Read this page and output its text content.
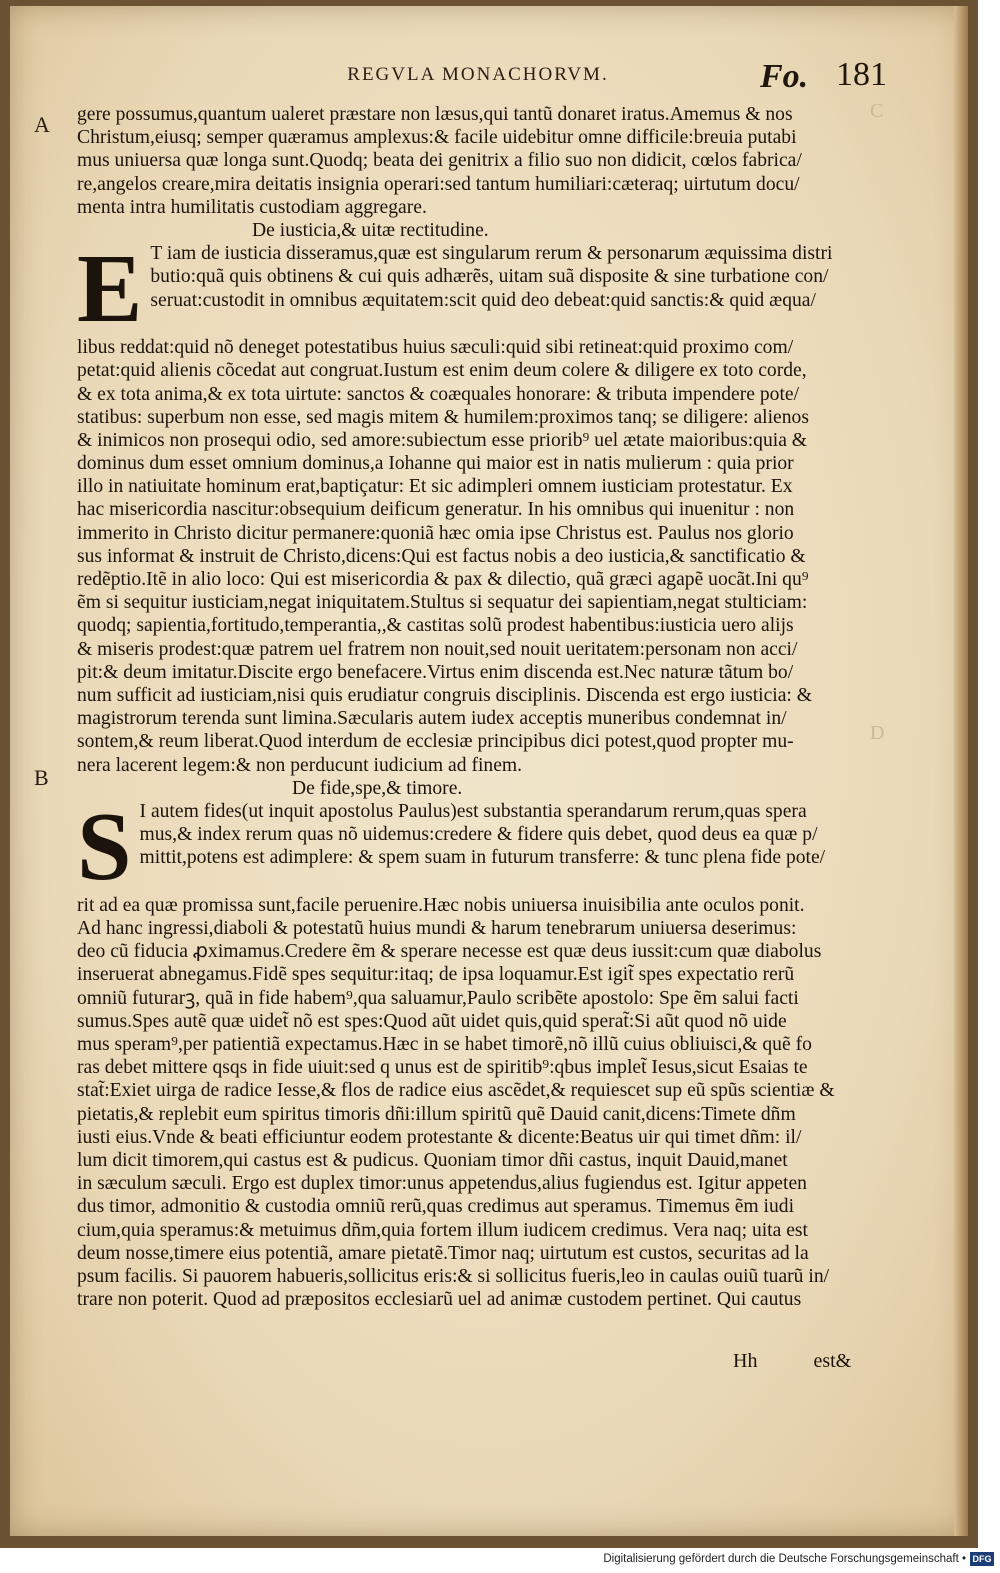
REGVLA MONACHORVM.	Fo. 181
A
B
C
D
gere possumus,quantum ualeret præstare non læsus,qui tantũ donaret iratus.Amemus & nos
Christum,eiusq; semper quæramus amplexus:& facile uidebitur omne difficile:breuia putabi
mus uniuersa quæ longa sunt.Quodq; beata dei genitrix a filio suo non didicit, cœlos fabrica/
re,angelos creare,mira deitatis insignia operari:sed tantum humiliari:cæteraq; uirtutum docu/
menta intra humilitatis custodiam aggregare.
De iusticia,& uitæ rectitudine.
E T iam de iusticia disseramus,quæ est singularum rerum & personarum æquissima distri
butio:quã quis obtinens & cui quis adhærẽs, uitam suã dispositе & sine turbatione con/
seruat:custodit in omnibus æquitatem:scit quid deo debeat:quid sanctis:& quid æqua/
libus reddat:quid nõ deneget potestatibus huius sæculi:quid sibi retineat:quid proximo com/
petat:quid alienis cõcedat aut congruat.Iustum est enim deum colere & diligere ex toto corde,
& ex tota anima,& ex tota uirtute: sanctos & coæquales honorare: & tributa impendere pote/
statibus: superbum non esse, sed magis mitem & humilem:proximos tanq; se diligere: alienos
& inimicos non prosequi odio, sed amore:subiectum esse priorib⁹ uel ætate maioribus:quia &
dominus dum esset omnium dominus,a Iohanne qui maior est in natis mulierum : quia prior
illo in natiuitate hominum erat,baptiçatur: Et sic adimpleri omnem iusticiam protestatur. Ex
hac misericordia nascitur:obsequium deificum generatur. In his omnibus qui inuenitur : non
immerito in Christo dicitur permanere:quoniã hæc omia ipse Christus est. Paulus nos glorio
sus informat & instruit de Christo,dicens:Qui est factus nobis a deo iusticia,& sanctificatio &
redẽptio.Itẽ in alio loco: Qui est misericordia & pax & dilectio, quã græci agapẽ uocãt.Ini qu⁹
ẽm si sequitur iusticiam,negat iniquitatem.Stultus si sequatur dei sapientiam,negat stulticiam:
quodq; sapientia,fortitudo,temperantia,,& castitas solũ prodest habentibus:iusticia uero alijs
& miseris prodest:quæ patrem uel fratrem non nouit,sed nouit ueritatem:personam non acci/
pit:& deum imitatur.Discite ergo benefacere.Virtus enim discenda est.Nec naturæ tãtum bo/
num sufficit ad iusticiam,nisi quis erudiatur congruis disciplinis. Discenda est ergo iusticia: &
magistrorum terenda sunt limina.Sæcularis autem iudex acceptis muneribus condemnat in/
sontem,& reum liberat.Quod interdum de ecclesiæ principibus dici potest,quod propter mu-
nera lacerent legem:& non perducunt iudicium ad finem.
De fide,spe,& timore.
S I autem fides(ut inquit apostolus Paulus)est substantia sperandarum rerum,quas spera
mus,& index rerum quas nõ uidemus:credere & fidere quis debet, quod deus ea quæ p/
mittit,potens est adimplere: & spem suam in futurum transferre: & tunc plena fide pote/
rit ad ea quæ promissa sunt,facile peruenire.Hæc nobis uniuersa inuisibilia ante oculos ponit.
Ad hanc ingressi,diaboli & potestatũ huius mundi & harum tenebrarum uniuersa deserimus:
deo cũ fiducia ꝓximamus.Credere ẽm & sperare necesse est quæ deus iussit:cum quæ diabolus
inseruerat abnegamus.Fidẽ spes sequitur:itaq; de ipsa loquamur.Est igit̃ spes expectatio rerũ
omniũ futurarꝫ, quã in fide habem⁹,qua saluamur,Paulo scribẽte apostolo: Spe ẽm salui facti
sumus.Spes autẽ quæ uidet̃ nõ est spes:Quod aũt uidet quis,quid sperat̃:Si aũt quod nõ uide
mus speram⁹,per patientiã expectamus.Hæc in se habet timorẽ,nõ illũ cuius obliuisci,& quẽ fo
ras debet mittere qsqs in fide uiuit:sed q unus est de spiritib⁹:qbus implet̃ Iesus,sicut Esaias te
stat̃:Exiet uirga de radice Iesse,& flos de radice eius ascẽdet,& requiescet sup eũ spũs scientiæ &
pietatis,& replebit eum spiritus timoris dñi:illum spiritũ quẽ Dauid canit,dicens:Timete dñm
iusti eius.Vnde & beati efficiuntur eodem protestante & dicente:Beatus uir qui timet dñm: il/
lum dicit timorem,qui castus est & pudicus. Quoniam timor dñi castus, inquit Dauid,manet
in sæculum sæculi. Ergo est duplex timor:unus appetendus,alius fugiendus est. Igitur appeten
dus timor, admonitio & custodia omniũ rerũ,quas credimus aut speramus. Timemus ẽm iudi
cium,quia speramus:& metuimus dñm,quia fortem illum iudicem credimus. Vera naq; uita est
deum nosse,timere eius potentiã, amare pietatẽ.Timor naq; uirtutum est custos, securitas ad la
psum facilis. Si pauorem habueris,sollicitus eris:& si sollicitus fueris,leo in caulas ouiũ tuarũ in/
trare non poterit. Quod ad præpositos ecclesiarũ uel ad animæ custodem pertinet. Qui cautus
Hh	est&
Digitalisierung gefördert durch die Deutsche Forschungsgemeinschaft • DFG
